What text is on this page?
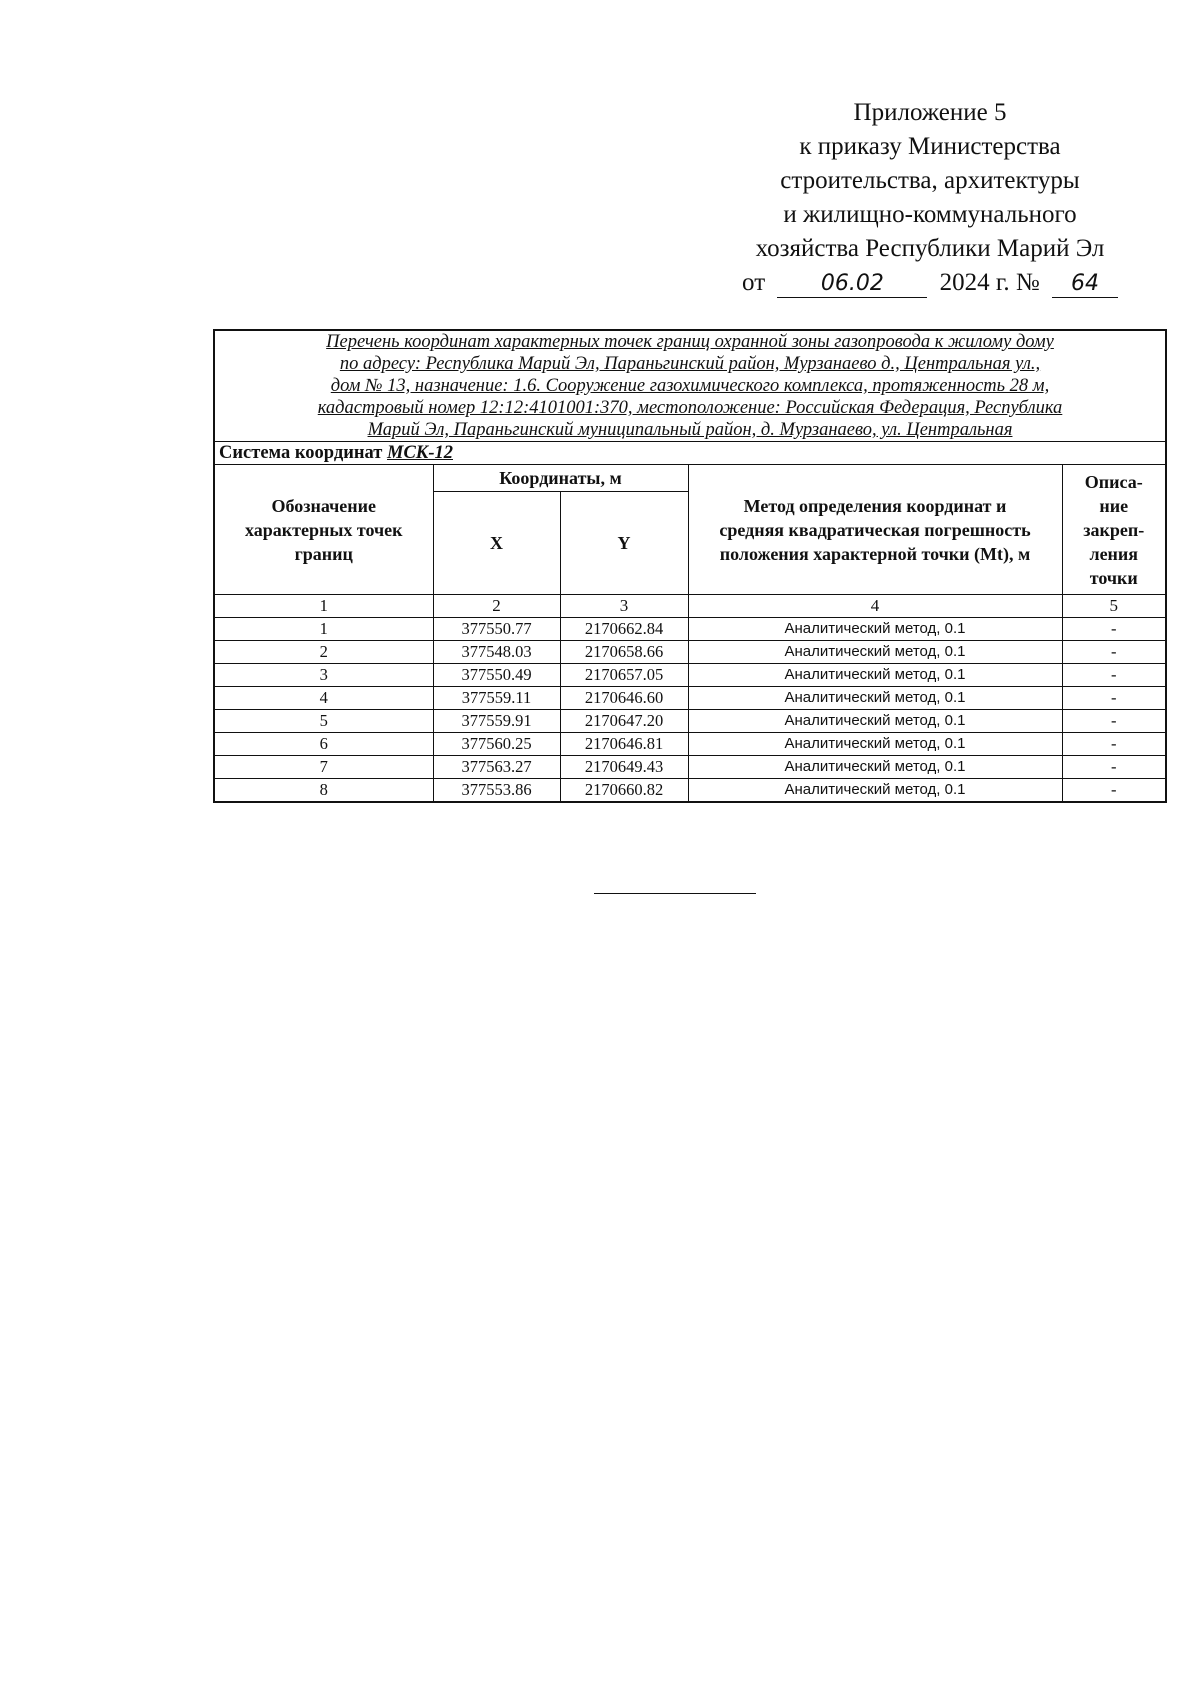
Приложение 5
к приказу Министерства
строительства, архитектуры
и жилищно-коммунального
хозяйства Республики Марий Эл
от	06.02 2024 г. № 64
Перечень координат характерных точек границ охранной зоны газопровода к жилому дому
по адресу: Республика Марий Эл, Параньгинский район, Мурзанаево д., Центральная ул.,
дом № 13, назначение: 1.6. Сооружение газохимического комплекса, протяженность 28 м,
кадастровый номер 12:12:4101001:370, местоположение: Российская Федерация, Республика
Марий Эл, Параньгинский муниципальный район, д. Мурзанаево, ул. Центральная				
Система координат МСК-12				
Обозначение характерных точек границ	Координаты, м		Метод определения координат и средняя квадратическая погрешность положения характерной точки (Mt), м	Описа-ние закреп-ления точки
	X	Y		
1	2	3	4	5
1	377550.77	2170662.84	Аналитический метод, 0.1	-
2	377548.03	2170658.66	Аналитический метод, 0.1	-
3	377550.49	2170657.05	Аналитический метод, 0.1	-
4	377559.11	2170646.60	Аналитический метод, 0.1	-
5	377559.91	2170647.20	Аналитический метод, 0.1	-
6	377560.25	2170646.81	Аналитический метод, 0.1	-
7	377563.27	2170649.43	Аналитический метод, 0.1	-
8	377553.86	2170660.82	Аналитический метод, 0.1	-
